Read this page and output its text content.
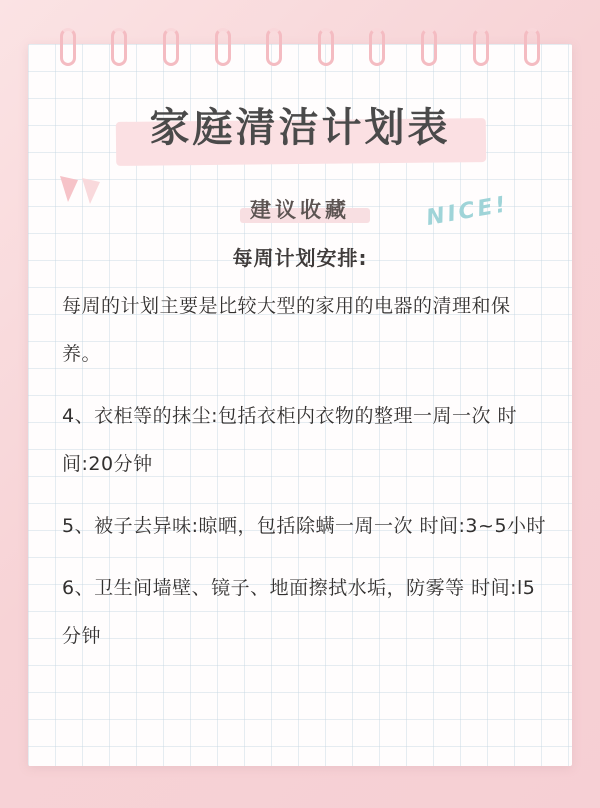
家庭清洁计划表
建议收藏	NICE!
每周计划安排:

每周的计划主要是比较大型的家用的电器的清理和保养。

4、衣柜等的抹尘:包括衣柜内衣物的整理一周一次 时间:20分钟

5、被子去异味:晾晒，包括除螨一周一次 时间:3~5小时

6、卫生间墙壁、镜子、地面擦拭水垢，防雾等 时间:l5分钟
